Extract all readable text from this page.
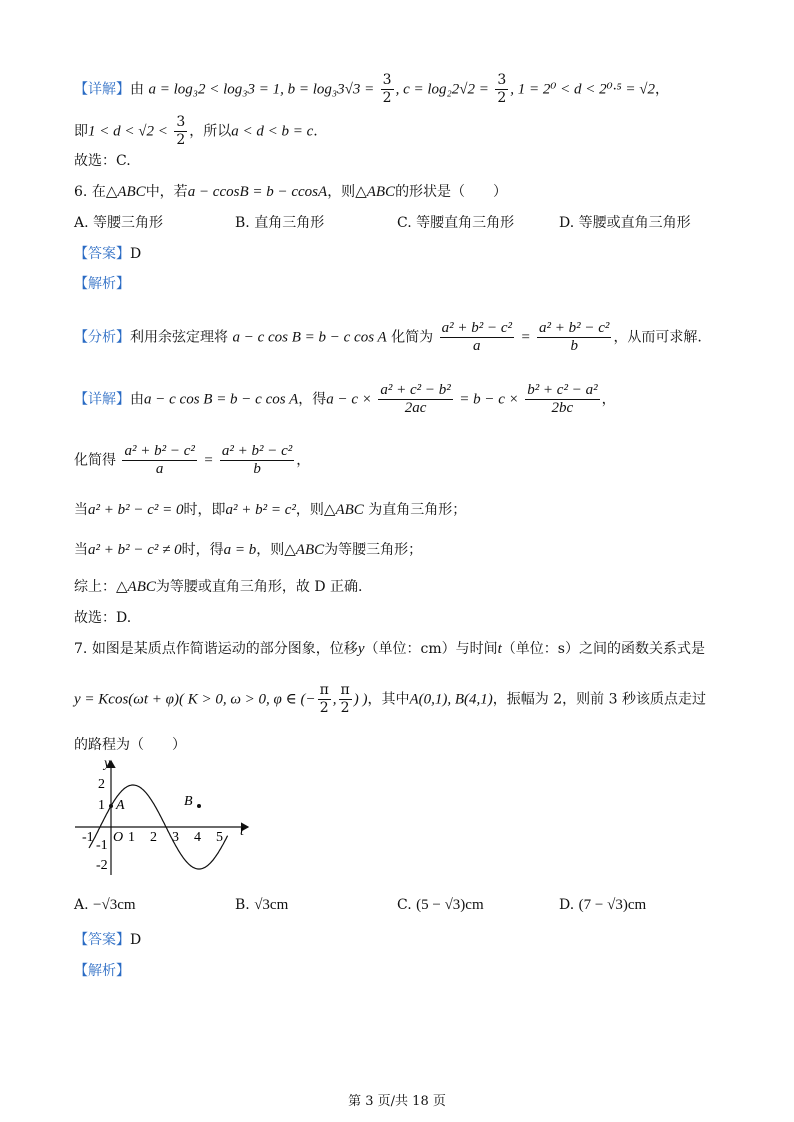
【详解】由 a = log₃2 < log₃3 = 1, $b = \log_33√3 = \frac{3}{2}$ , $c = \log_22√2 = \frac{3}{2}$ , 1 = 2⁰ < d < 2⁰·⁵ = √2，
即$1 < d < √2 < \frac{3}{2}$ ，所以a < d < b = c.
故选：C.
6. 在△ABC中，若a − ccosB = b − ccosA，则△ABC的形状是（　　）
A. 等腰三角形	B. 直角三角形	C. 等腰直角三角形	D. 等腰或直角三角形
【答案】D
【解析】
【分析】利用余弦定理将 a − c cos B = b − c cos A 化简为 $\frac{\text{a² + b² − c²}}{a} = \frac{\text{a² + b² − c²}}{b}$ ，从而可求解.
【详解】由a − c cos B = b − c cos A，得$a - c \times \frac{\text{a² + c² − b²}}{2ac} = b - c \times \frac{\text{b² + c² − a²}}{2bc}$ ，
化简得 $\frac{\text{a² + b² − c²}}{a} = \frac{\text{a² + b² − c²}}{b}$ ，
当a² + b² − c² = 0时，即a² + b² = c²，则△ABC 为直角三角形；
当a² + b² − c² ≠ 0时，得a = b，则△ABC为等腰三角形；
综上：△ABC为等腰或直角三角形，故 D 正确.
故选：D.
7. 如图是某质点作简谐运动的部分图象，位移y（单位：cm）与时间t（单位：s）之间的函数关系式是
y = Kcos(ωt + φ)( K > 0, ω > 0, φ ∈ (− $\frac{\pi}{2}$ , $\frac{\pi}{2}$ ) )，其中A(0,1), B(4,1)，振幅为 2，则前 3 秒该质点走过
的路程为（　　）
y
t
O
2
1
-1
-2
-1 1 2 3 4 5
A	B
A. −√3cm	B. √3cm	C. (5 − √3)cm	D. (7 − √3)cm
【答案】D
【解析】
第 3 页/共 18 页
